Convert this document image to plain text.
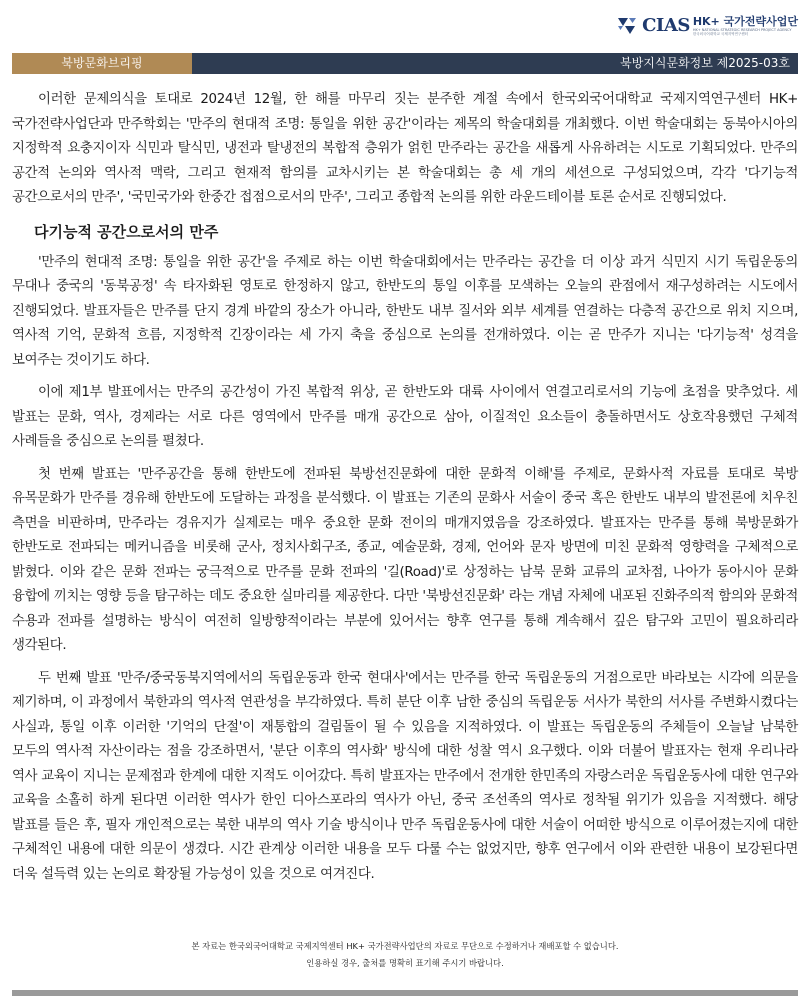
CIAS HK+ 국가전략사업단
HK+ NATIONAL STRATEGIC RESEARCH PROJECT AGENCY
한국외국어대학교 국제지역연구센터
북방문화브리핑	북방지식문화정보 제2025-03호

이러한 문제의식을 토대로 2024년 12월, 한 해를 마무리 짓는 분주한 계절 속에서 한국외국어대학교 국제지역연구센터 HK+ 국가전략사업단과 만주학회는 '만주의 현대적 조명: 통일을 위한 공간'이라는 제목의 학술대회를 개최했다. 이번 학술대회는 동북아시아의 지정학적 요충지이자 식민과 탈식민, 냉전과 탈냉전의 복합적 층위가 얽힌 만주라는 공간을 새롭게 사유하려는 시도로 기획되었다. 만주의 공간적 논의와 역사적 맥락, 그리고 현재적 함의를 교차시키는 본 학술대회는 총 세 개의 세션으로 구성되었으며, 각각 '다기능적 공간으로서의 만주', '국민국가와 한중간 접점으로서의 만주', 그리고 종합적 논의를 위한 라운드테이블 토론 순서로 진행되었다.

다기능적 공간으로서의 만주

'만주의 현대적 조명: 통일을 위한 공간'을 주제로 하는 이번 학술대회에서는 만주라는 공간을 더 이상 과거 식민지 시기 독립운동의 무대나 중국의 '동북공정' 속 타자화된 영토로 한정하지 않고, 한반도의 통일 이후를 모색하는 오늘의 관점에서 재구성하려는 시도에서 진행되었다. 발표자들은 만주를 단지 경계 바깥의 장소가 아니라, 한반도 내부 질서와 외부 세계를 연결하는 다층적 공간으로 위치 지으며, 역사적 기억, 문화적 흐름, 지정학적 긴장이라는 세 가지 축을 중심으로 논의를 전개하였다. 이는 곧 만주가 지니는 '다기능적' 성격을 보여주는 것이기도 하다.

이에 제1부 발표에서는 만주의 공간성이 가진 복합적 위상, 곧 한반도와 대륙 사이에서 연결고리로서의 기능에 초점을 맞추었다. 세 발표는 문화, 역사, 경제라는 서로 다른 영역에서 만주를 매개 공간으로 삼아, 이질적인 요소들이 충돌하면서도 상호작용했던 구체적 사례들을 중심으로 논의를 펼쳤다.

첫 번째 발표는 '만주공간을 통해 한반도에 전파된 북방선진문화에 대한 문화적 이해'를 주제로, 문화사적 자료를 토대로 북방 유목문화가 만주를 경유해 한반도에 도달하는 과정을 분석했다. 이 발표는 기존의 문화사 서술이 중국 혹은 한반도 내부의 발전론에 치우친 측면을 비판하며, 만주라는 경유지가 실제로는 매우 중요한 문화 전이의 매개지였음을 강조하였다. 발표자는 만주를 통해 북방문화가 한반도로 전파되는 메커니즘을 비롯해 군사, 정치사회구조, 종교, 예술문화, 경제, 언어와 문자 방면에 미친 문화적 영향력을 구체적으로 밝혔다. 이와 같은 문화 전파는 궁극적으로 만주를 문화 전파의 '길(Road)'로 상정하는 남북 문화 교류의 교차점, 나아가 동아시아 문화 융합에 끼치는 영향 등을 탐구하는 데도 중요한 실마리를 제공한다. 다만 '북방선진문화' 라는 개념 자체에 내포된 진화주의적 함의와 문화적 수용과 전파를 설명하는 방식이 여전히 일방향적이라는 부분에 있어서는 향후 연구를 통해 계속해서 깊은 탐구와 고민이 필요하리라 생각된다.

두 번째 발표 '만주/중국동북지역에서의 독립운동과 한국 현대사'에서는 만주를 한국 독립운동의 거점으로만 바라보는 시각에 의문을 제기하며, 이 과정에서 북한과의 역사적 연관성을 부각하였다. 특히 분단 이후 남한 중심의 독립운동 서사가 북한의 서사를 주변화시켰다는 사실과, 통일 이후 이러한 '기억의 단절'이 재통합의 걸림돌이 될 수 있음을 지적하였다. 이 발표는 독립운동의 주체들이 오늘날 남북한 모두의 역사적 자산이라는 점을 강조하면서, '분단 이후의 역사화' 방식에 대한 성찰 역시 요구했다. 이와 더불어 발표자는 현재 우리나라 역사 교육이 지니는 문제점과 한계에 대한 지적도 이어갔다. 특히 발표자는 만주에서 전개한 한민족의 자랑스러운 독립운동사에 대한 연구와 교육을 소홀히 하게 된다면 이러한 역사가 한인 디아스포라의 역사가 아닌, 중국 조선족의 역사로 정착될 위기가 있음을 지적했다. 해당 발표를 들은 후, 필자 개인적으로는 북한 내부의 역사 기술 방식이나 만주 독립운동사에 대한 서술이 어떠한 방식으로 이루어졌는지에 대한 구체적인 내용에 대한 의문이 생겼다. 시간 관계상 이러한 내용을 모두 다룰 수는 없었지만, 향후 연구에서 이와 관련한 내용이 보강된다면 더욱 설득력 있는 논의로 확장될 가능성이 있을 것으로 여겨진다.

본 자료는 한국외국어대학교 국제지역센터 HK+ 국가전략사업단의 자료로 무단으로 수정하거나 재배포할 수 없습니다.
인용하실 경우, 출처를 명확히 표기해 주시기 바랍니다.
